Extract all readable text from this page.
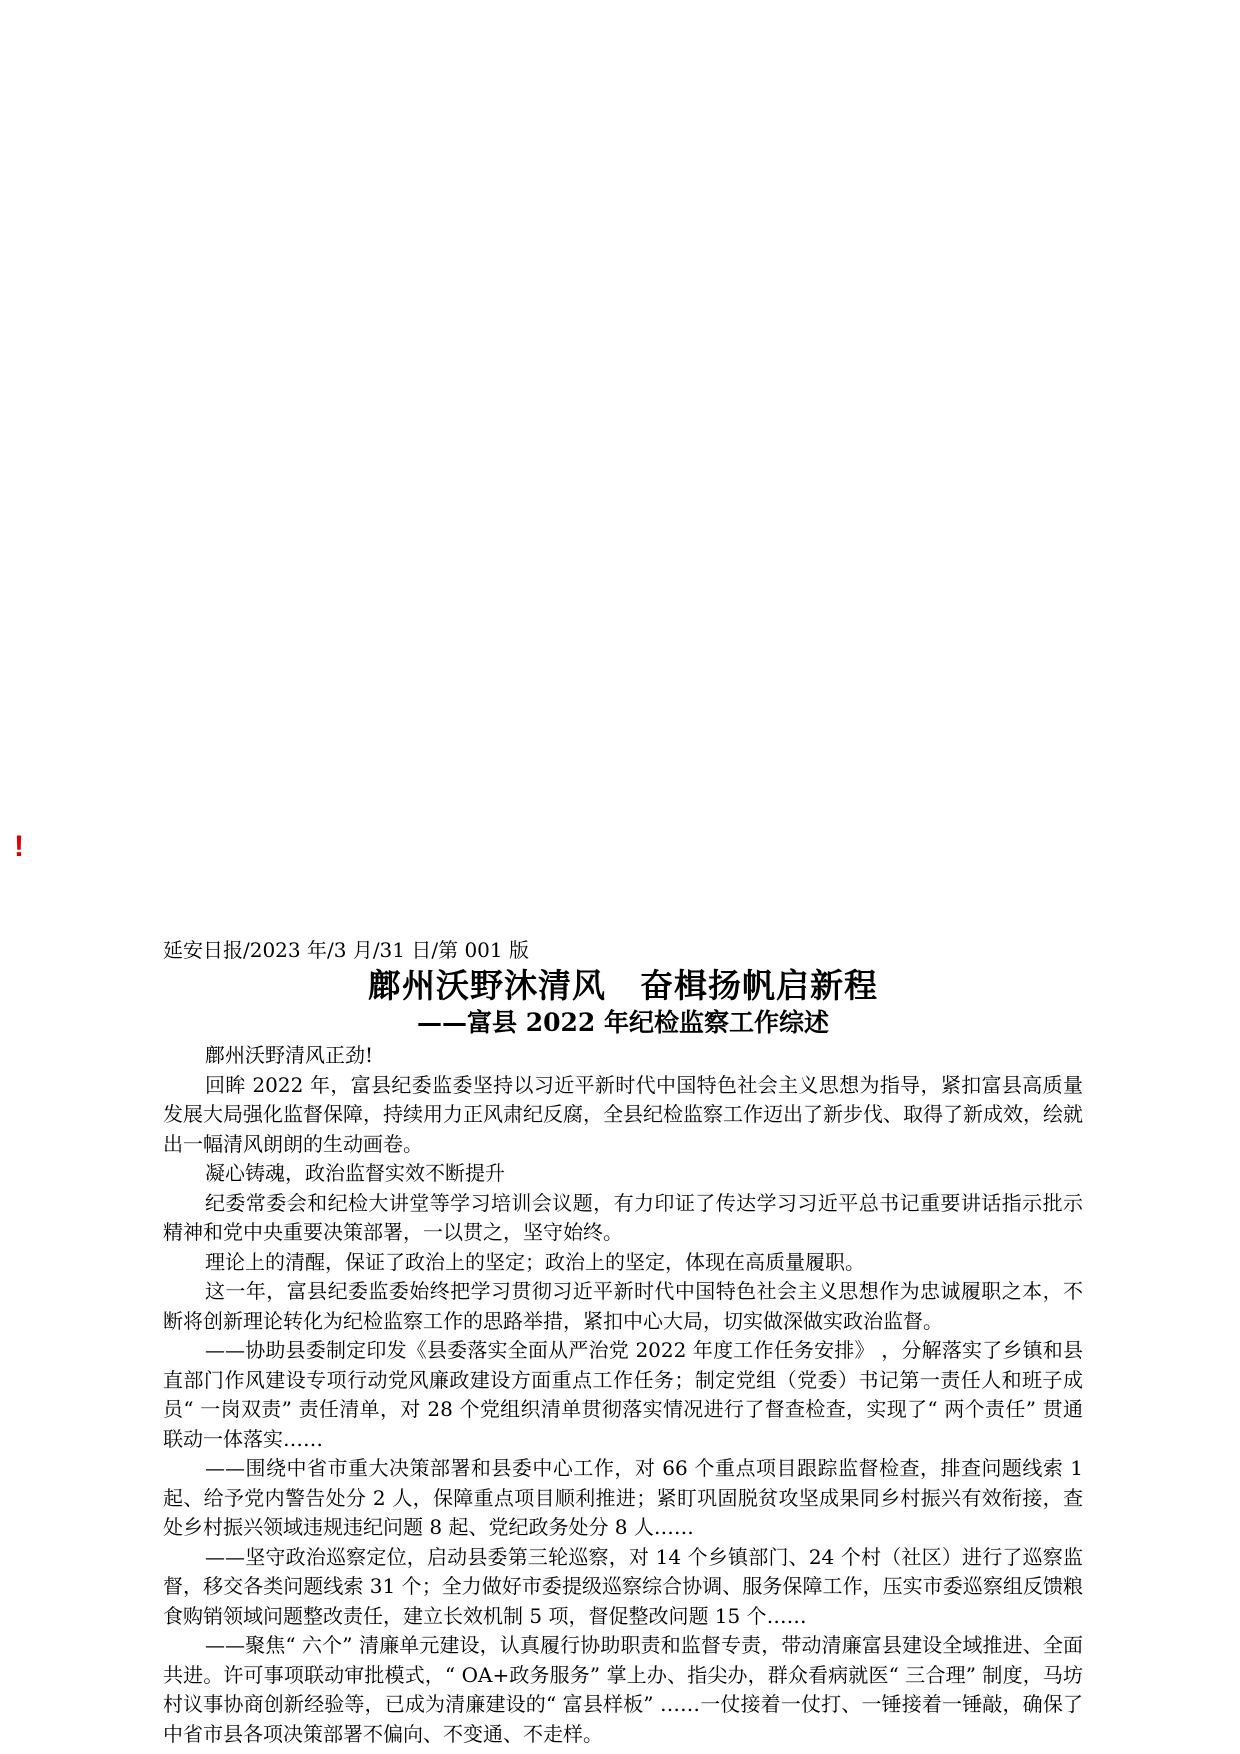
!

延安日报/2023 年/3 月/31 日/第 001 版

鄜州沃野沐清风　奋楫扬帆启新程
——富县 2022 年纪检监察工作综述

鄜州沃野清风正劲!

回眸 2022 年，富县纪委监委坚持以习近平新时代中国特色社会主义思想为指导，紧扣富县高质量发展大局强化监督保障，持续用力正风肃纪反腐，全县纪检监察工作迈出了新步伐、取得了新成效，绘就出一幅清风朗朗的生动画卷。

凝心铸魂，政治监督实效不断提升

纪委常委会和纪检大讲堂等学习培训会议题，有力印证了传达学习习近平总书记重要讲话指示批示精神和党中央重要决策部署，一以贯之，坚守始终。

理论上的清醒，保证了政治上的坚定；政治上的坚定，体现在高质量履职。

这一年，富县纪委监委始终把学习贯彻习近平新时代中国特色社会主义思想作为忠诚履职之本，不断将创新理论转化为纪检监察工作的思路举措，紧扣中心大局，切实做深做实政治监督。

——协助县委制定印发《县委落实全面从严治党 2022 年度工作任务安排》 ，分解落实了乡镇和县直部门作风建设专项行动党风廉政建设方面重点工作任务；制定党组（党委）书记第一责任人和班子成员“ 一岗双责” 责任清单，对 28 个党组织清单贯彻落实情况进行了督查检查，实现了“ 两个责任” 贯通联动一体落实……

——围绕中省市重大决策部署和县委中心工作，对 66 个重点项目跟踪监督检查，排查问题线索 1 起、给予党内警告处分 2 人，保障重点项目顺利推进；紧盯巩固脱贫攻坚成果同乡村振兴有效衔接，查处乡村振兴领域违规违纪问题 8 起、党纪政务处分 8 人……

——坚守政治巡察定位，启动县委第三轮巡察，对 14 个乡镇部门、24 个村（社区）进行了巡察监督，移交各类问题线索 31 个；全力做好市委提级巡察综合协调、服务保障工作，压实市委巡察组反馈粮食购销领域问题整改责任，建立长效机制 5 项，督促整改问题 15 个……

——聚焦“ 六个” 清廉单元建设，认真履行协助职责和监督专责，带动清廉富县建设全域推进、全面共进。许可事项联动审批模式，“ OA+政务服务” 掌上办、指尖办，群众看病就医“ 三合理” 制度，马坊村议事协商创新经验等，已成为清廉建设的“ 富县样板” ……一仗接着一仗打、一锤接着一锤敲，确保了中省市县各项决策部署不偏向、不变通、不走样。
